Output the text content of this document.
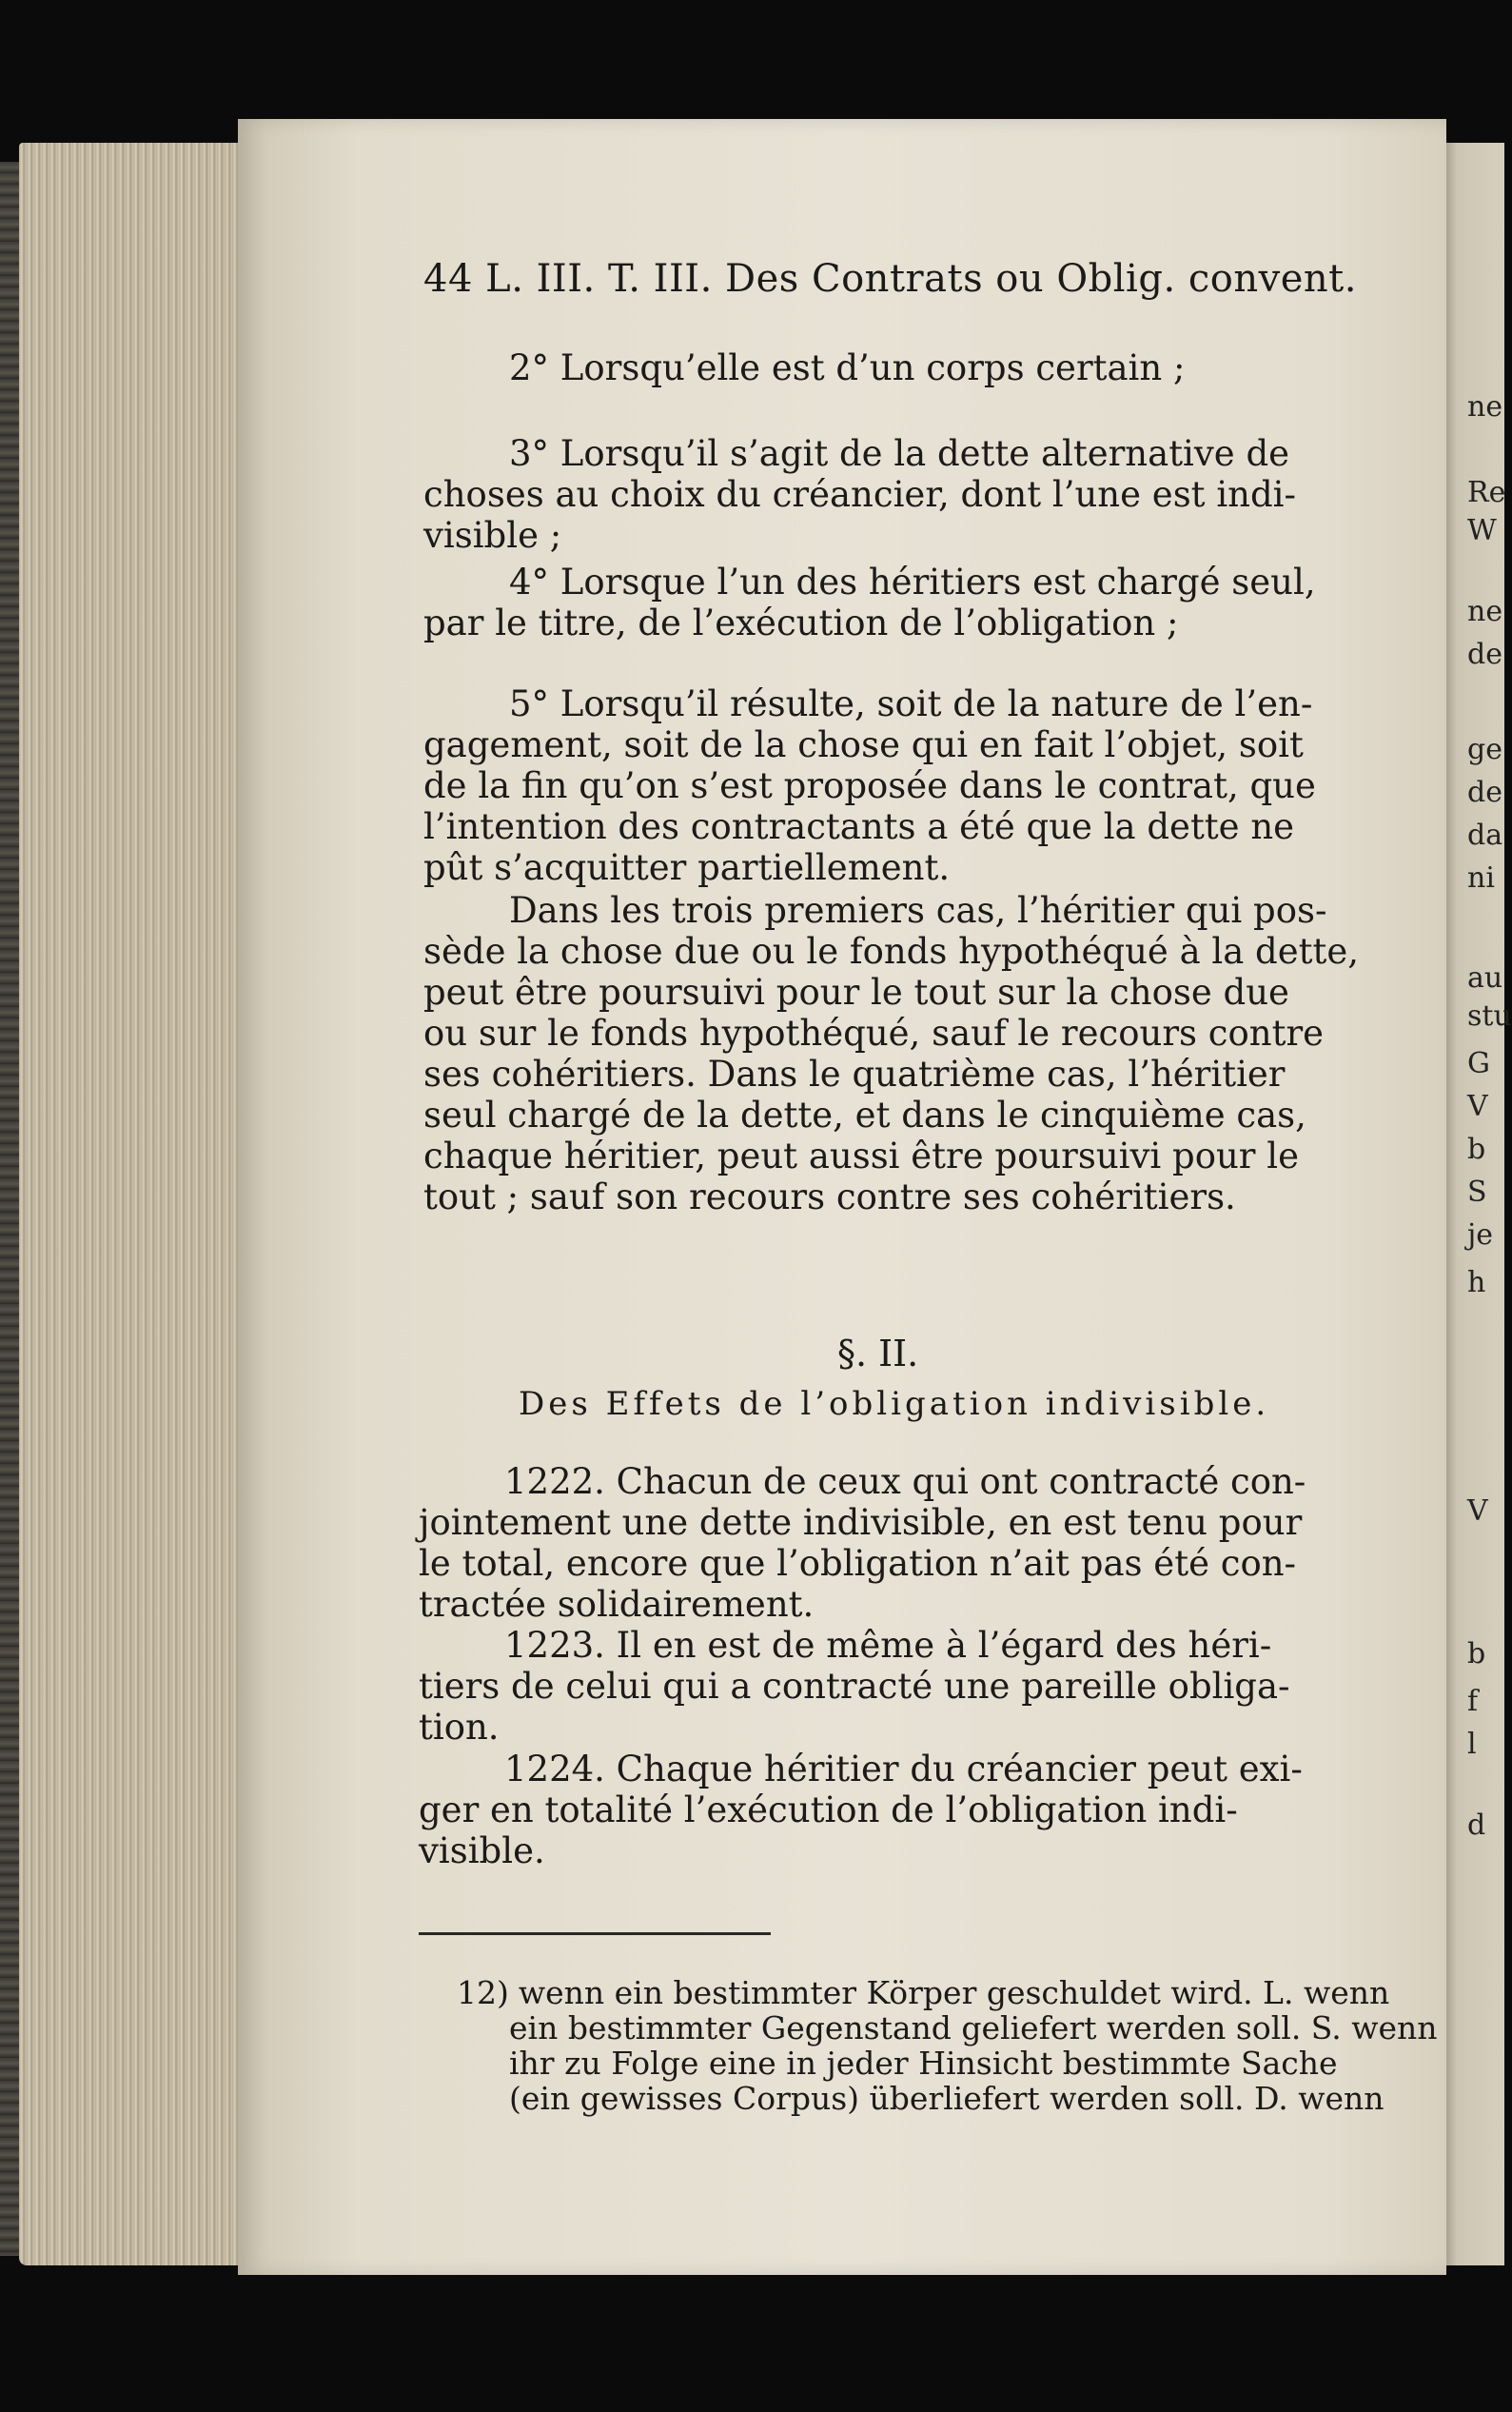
ne
Re
W
ne
de
ge
de
da
ni
au
stu
G
V
b
S
je
h
V
b
f
l
d
44 L. III. T. III. Des Contrats ou Oblig. convent.
2° Lorsqu’elle est d’un corps certain ;
3° Lorsqu’il s’agit de la dette alternative de
choses au choix du créancier, dont l’une est indi-
visible ;
4° Lorsque l’un des héritiers est chargé seul,
par le titre, de l’exécution de l’obligation ;
5° Lorsqu’il résulte, soit de la nature de l’en-
gagement, soit de la chose qui en fait l’objet, soit
de la fin qu’on s’est proposée dans le contrat, que
l’intention des contractants a été que la dette ne
pût s’acquitter partiellement.
Dans les trois premiers cas, l’héritier qui pos-
sède la chose due ou le fonds hypothéqué à la dette,
peut être poursuivi pour le tout sur la chose due
ou sur le fonds hypothéqué, sauf le recours contre
ses cohéritiers. Dans le quatrième cas, l’héritier
seul chargé de la dette, et dans le cinquième cas,
chaque héritier, peut aussi être poursuivi pour le
tout ; sauf son recours contre ses cohéritiers.
§. II.
Des Effets de l’obligation indivisible.
1222. Chacun de ceux qui ont contracté con-
jointement une dette indivisible, en est tenu pour
le total, encore que l’obligation n’ait pas été con-
tractée solidairement.
1223. Il en est de même à l’égard des héri-
tiers de celui qui a contracté une pareille obliga-
tion.
1224. Chaque héritier du créancier peut exi-
ger en totalité l’exécution de l’obligation indi-
visible.
12) wenn ein bestimmter Körper geschuldet wird. L. wenn
ein bestimmter Gegenstand geliefert werden soll. S. wenn
ihr zu Folge eine in jeder Hinsicht bestimmte Sache
(ein gewisses Corpus) überliefert werden soll. D. wenn
